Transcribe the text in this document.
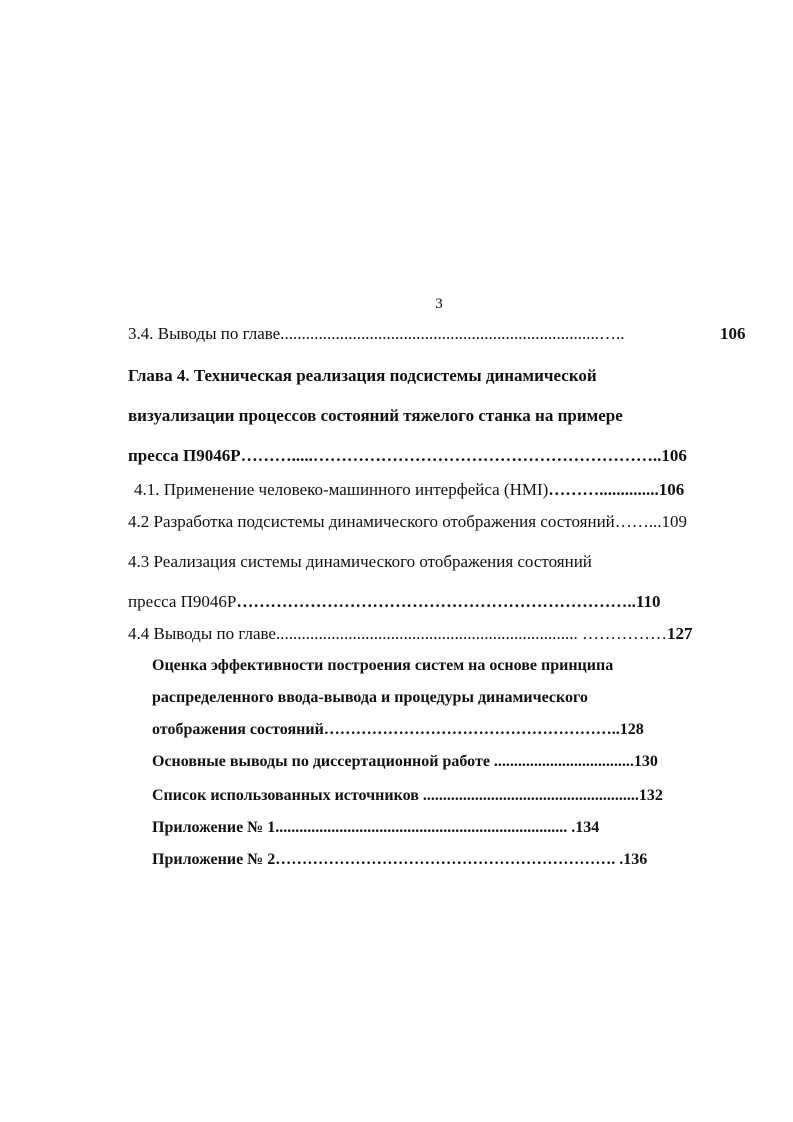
3
3.4. Выводы по главе...........................................................................…..	106
Глава 4. Техническая реализация подсистемы динамической
визуализации процессов состояний тяжелого станка на примере
пресса П9046Р……….....……………………………………………………..106
4.1. Применение человеко-машинного интерфейса (HMI)………..............106
4.2 Разработка подсистемы динамического отображения состояний……...109
4.3 Реализация системы динамического отображения состояний
пресса П9046Р……………………………………………………………..110
4.4 Выводы по главе....................................................................... ……………127
Оценка эффективности построения систем на основе принципа
распределенного ввода-вывода и процедуры динамического
отображения состояний………………………………………………..128
Основные выводы по диссертационной работе ...................................130
Список использованных источников ......................................................132
Приложение № 1......................................................................... .134
Приложение № 2………………………………………………………. .136
